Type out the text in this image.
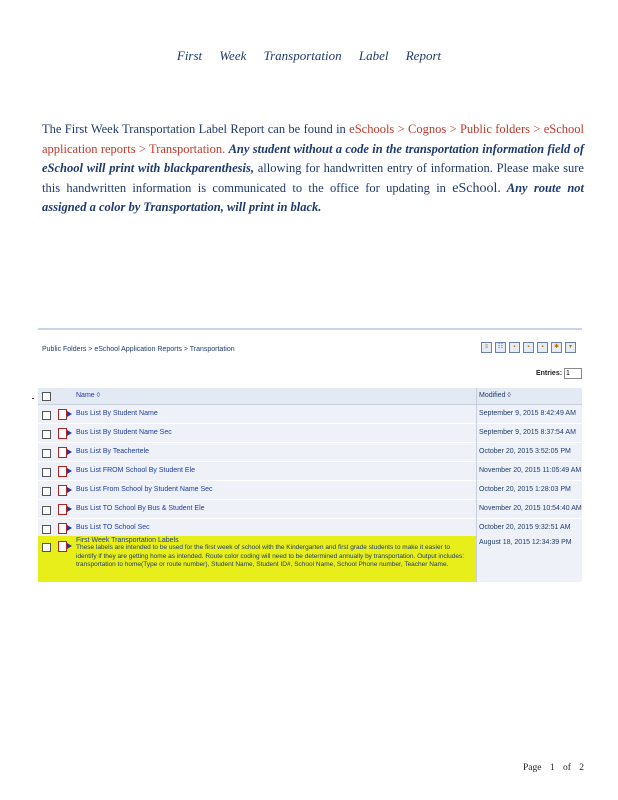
First Week Transportation Label Report
The First Week Transportation Label Report can be found in eSchools > Cognos > Public folders > eSchool application reports > Transportation. Any student without a code in the transportation information field of eSchool will print with blackparenthesis, allowing for handwritten entry of information. Please make sure this handwritten information is communicated to the office for updating in eSchool. Any route not assigned a color by Transportation, will print in black.
Public Folders > eSchool Application Reports > Transportation	≡	☷	▪	▪	▪	✱	▾
Entries: 1
Name ◊	Modified ◊
Bus List By Student Name	September 9, 2015 8:42:49 AM
Bus List By Student Name Sec	September 9, 2015 8:37:54 AM
Bus List By Teachertele	October 20, 2015 3:52:05 PM
Bus List FROM School By Student Ele	November 20, 2015 11:05:49 AM
Bus List From School by Student Name Sec	October 20, 2015 1:28:03 PM
Bus List TO School By Bus & Student Ele	November 20, 2015 10:54:40 AM
Bus List TO School Sec	October 20, 2015 9:32:51 AM
First Week Transportation Labels
These labels are intended to be used for the first week of school with the Kindergarten and first grade students to make it easier to identify if they are getting home as intended. Route color coding will need to be determined annually by transportation. Output includes: transportation to home(Type or route number), Student Name, Student ID#, School Name, School Phone number, Teacher Name.
August 18, 2015 12:34:39 PM
Page 1 of 2
